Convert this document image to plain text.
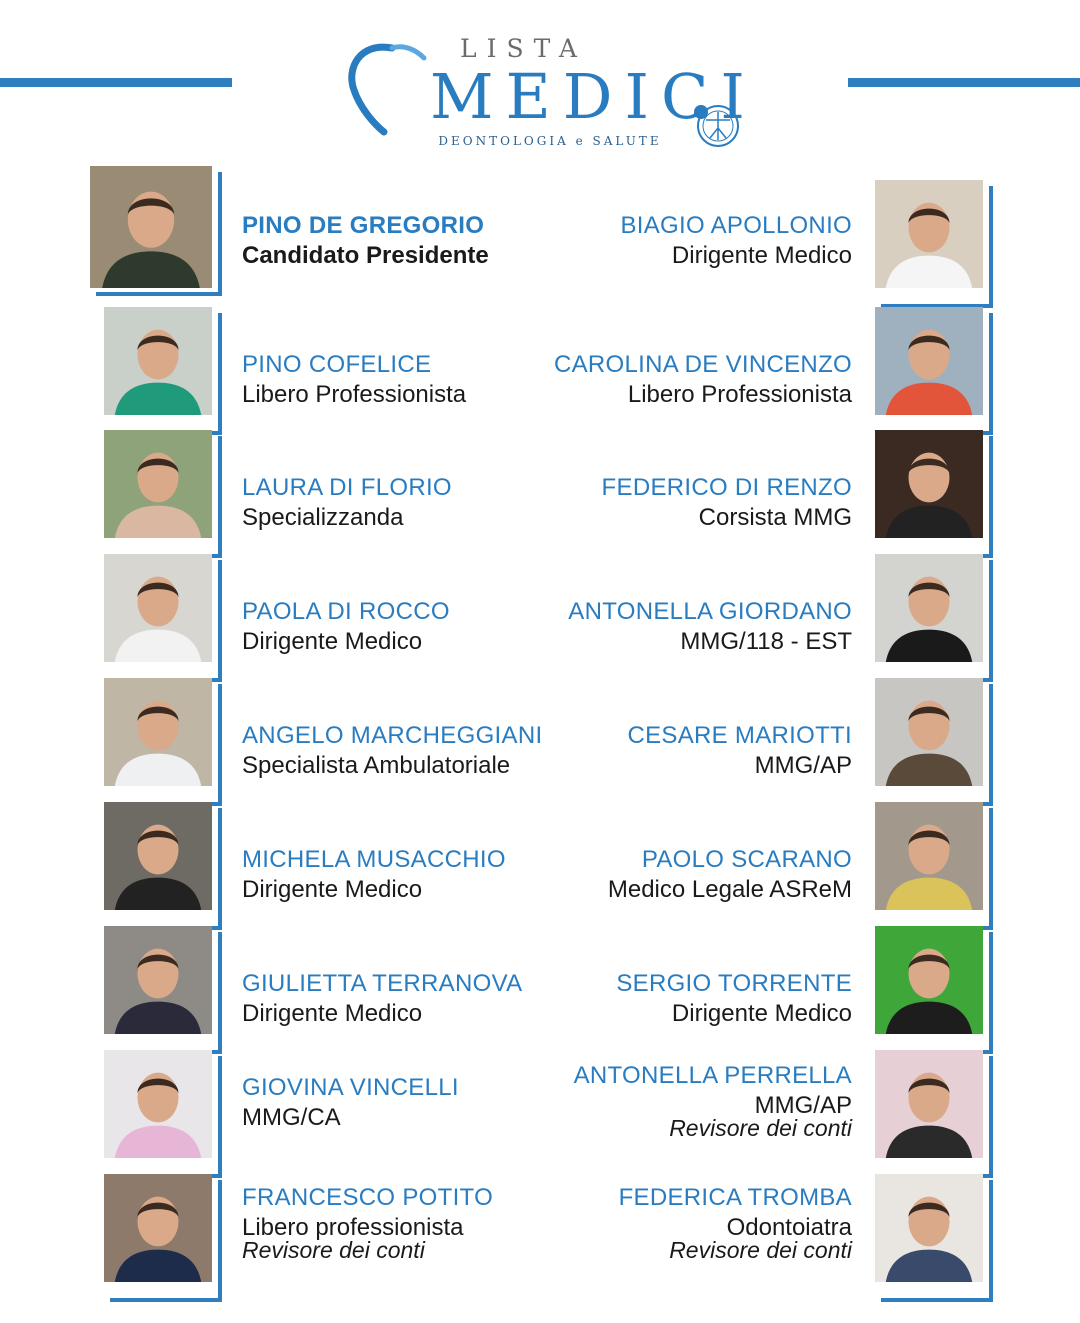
LISTA
MEDICI
DEONTOLOGIA e SALUTE
PINO DE GREGORIO
Candidato Presidente
PINO COFELICE
Libero Professionista
LAURA DI FLORIO
Specializzanda
PAOLA DI ROCCO
Dirigente Medico
ANGELO MARCHEGGIANI
Specialista Ambulatoriale
MICHELA MUSACCHIO
Dirigente Medico
GIULIETTA TERRANOVA
Dirigente Medico
GIOVINA VINCELLI
MMG/CA
FRANCESCO POTITO
Libero professionista
Revisore dei conti
BIAGIO APOLLONIO
Dirigente Medico
CAROLINA DE VINCENZO
Libero Professionista
FEDERICO DI RENZO
Corsista MMG
ANTONELLA GIORDANO
MMG/118 - EST
CESARE MARIOTTI
MMG/AP
PAOLO SCARANO
Medico Legale ASReM
SERGIO TORRENTE
Dirigente Medico
ANTONELLA PERRELLA
MMG/AP
Revisore dei conti
FEDERICA TROMBA
Odontoiatra
Revisore dei conti
